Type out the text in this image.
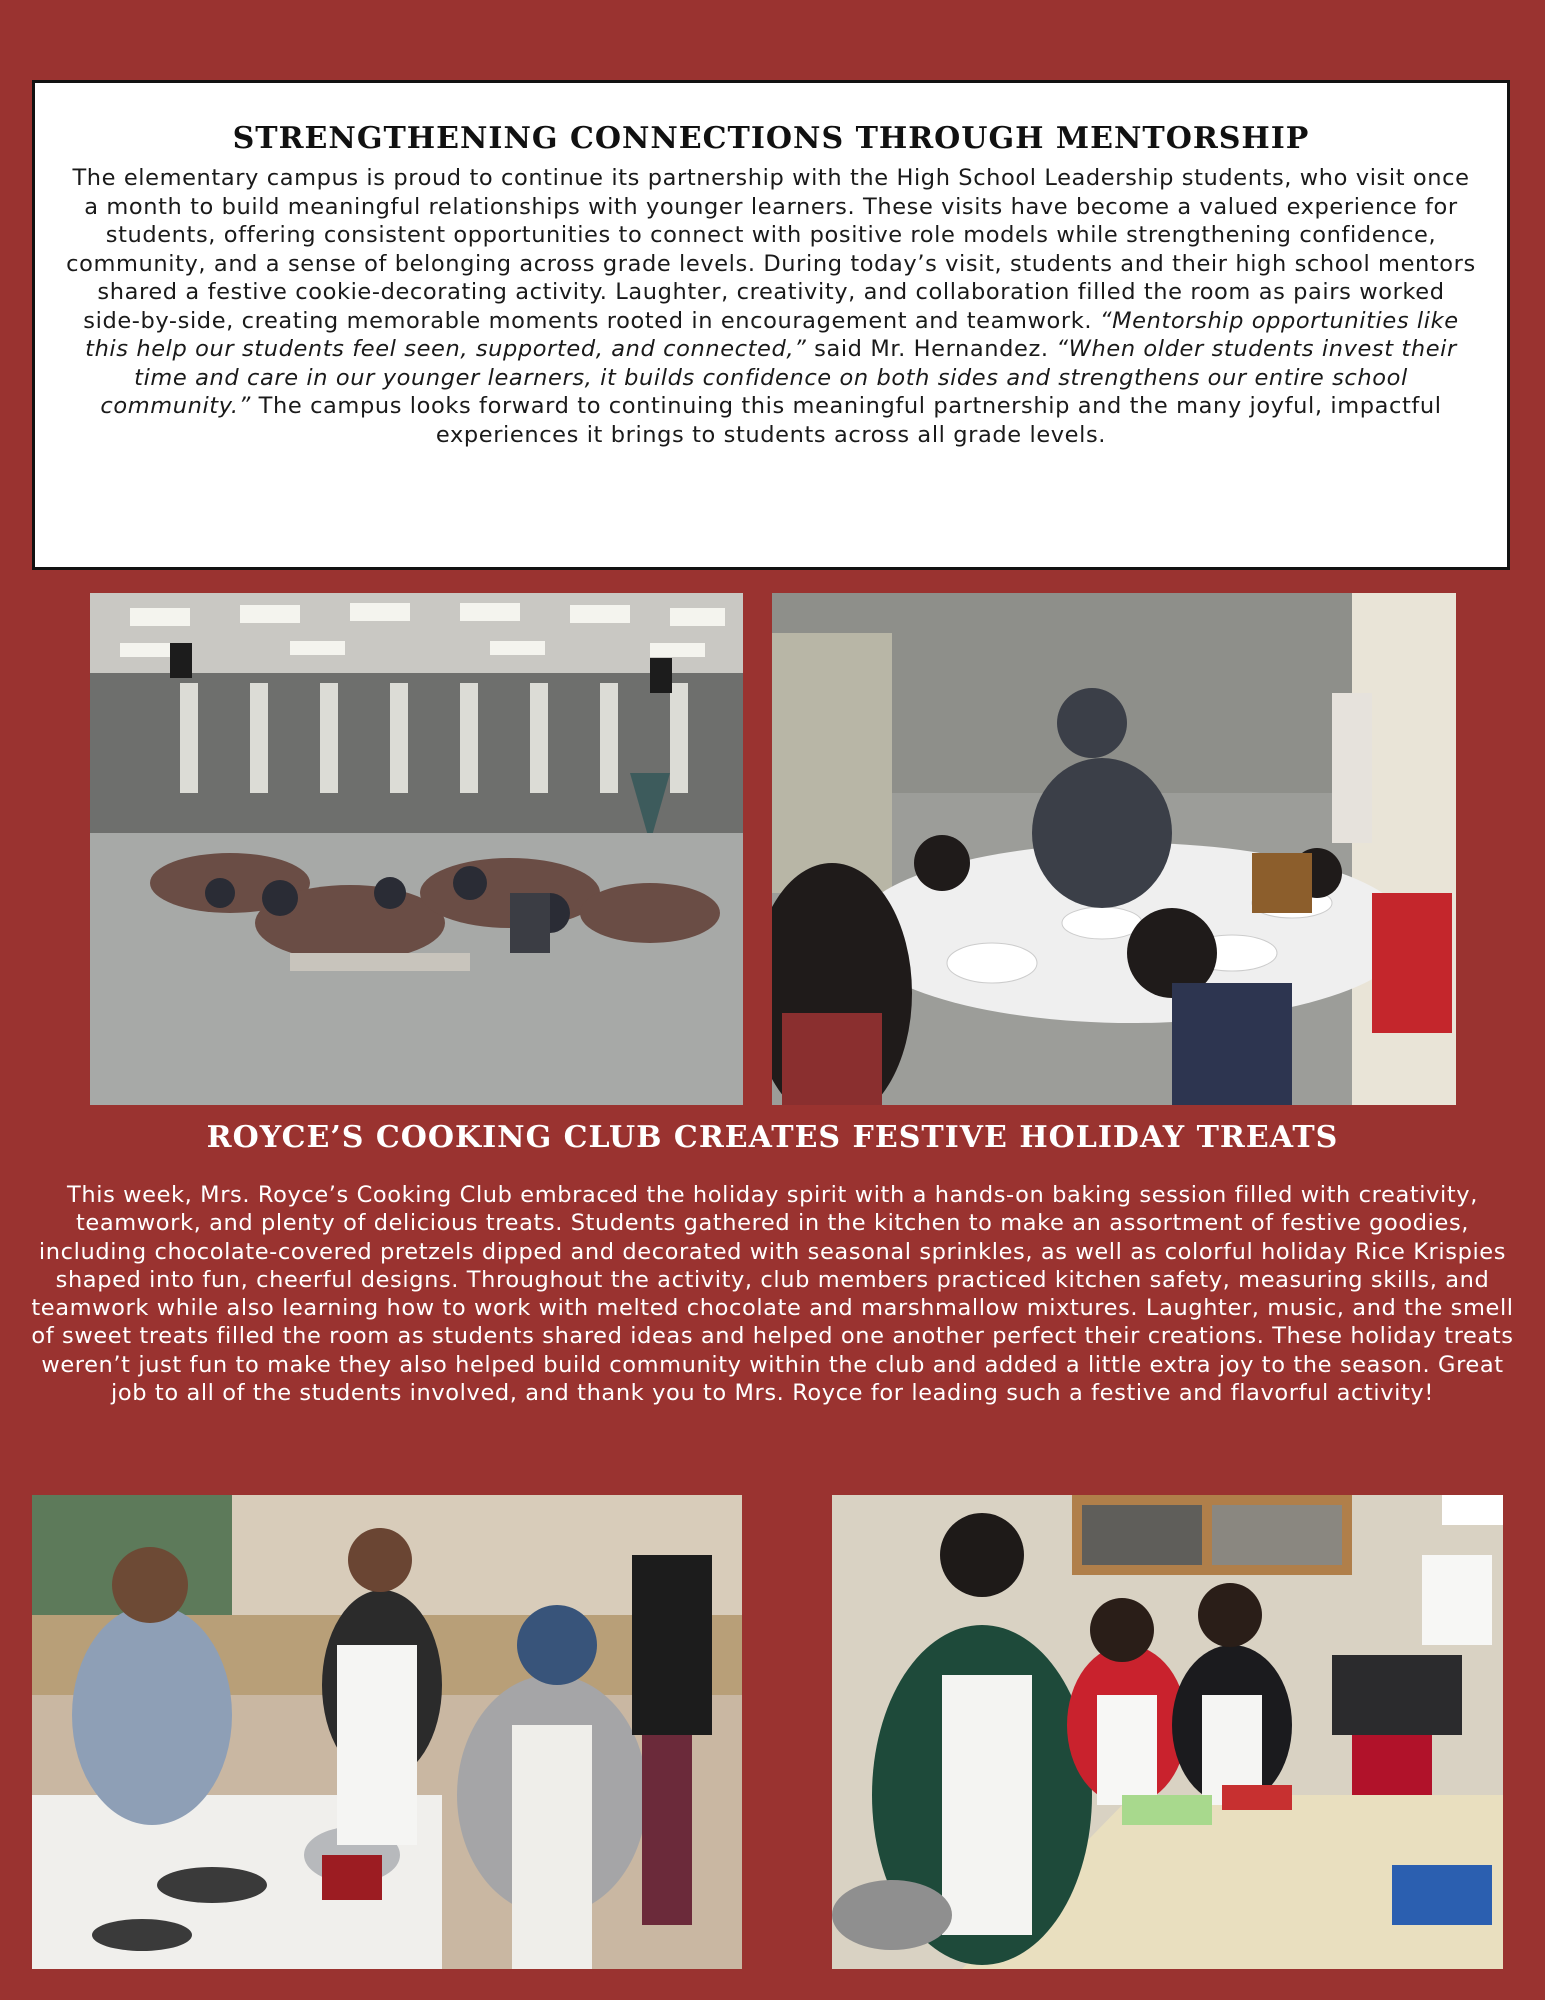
STRENGTHENING CONNECTIONS THROUGH MENTORSHIP

The elementary campus is proud to continue its partnership with the High School Leadership students, who visit once a month to build meaningful relationships with younger learners. These visits have become a valued experience for students, offering consistent opportunities to connect with positive role models while strengthening confidence, community, and a sense of belonging across grade levels. During today’s visit, students and their high school mentors shared a festive cookie-decorating activity. Laughter, creativity, and collaboration filled the room as pairs worked side-by-side, creating memorable moments rooted in encouragement and teamwork. “Mentorship opportunities like this help our students feel seen, supported, and connected,” said Mr. Hernandez. “When older students invest their time and care in our younger learners, it builds confidence on both sides and strengthens our entire school community.” The campus looks forward to continuing this meaningful partnership and the many joyful, impactful experiences it brings to students across all grade levels.

ROYCE’S COOKING CLUB CREATES FESTIVE HOLIDAY TREATS

This week, Mrs. Royce’s Cooking Club embraced the holiday spirit with a hands-on baking session filled with creativity, teamwork, and plenty of delicious treats. Students gathered in the kitchen to make an assortment of festive goodies, including chocolate-covered pretzels dipped and decorated with seasonal sprinkles, as well as colorful holiday Rice Krispies shaped into fun, cheerful designs. Throughout the activity, club members practiced kitchen safety, measuring skills, and teamwork while also learning how to work with melted chocolate and marshmallow mixtures. Laughter, music, and the smell of sweet treats filled the room as students shared ideas and helped one another perfect their creations. These holiday treats weren’t just fun to make they also helped build community within the club and added a little extra joy to the season. Great job to all of the students involved, and thank you to Mrs. Royce for leading such a festive and flavorful activity!
